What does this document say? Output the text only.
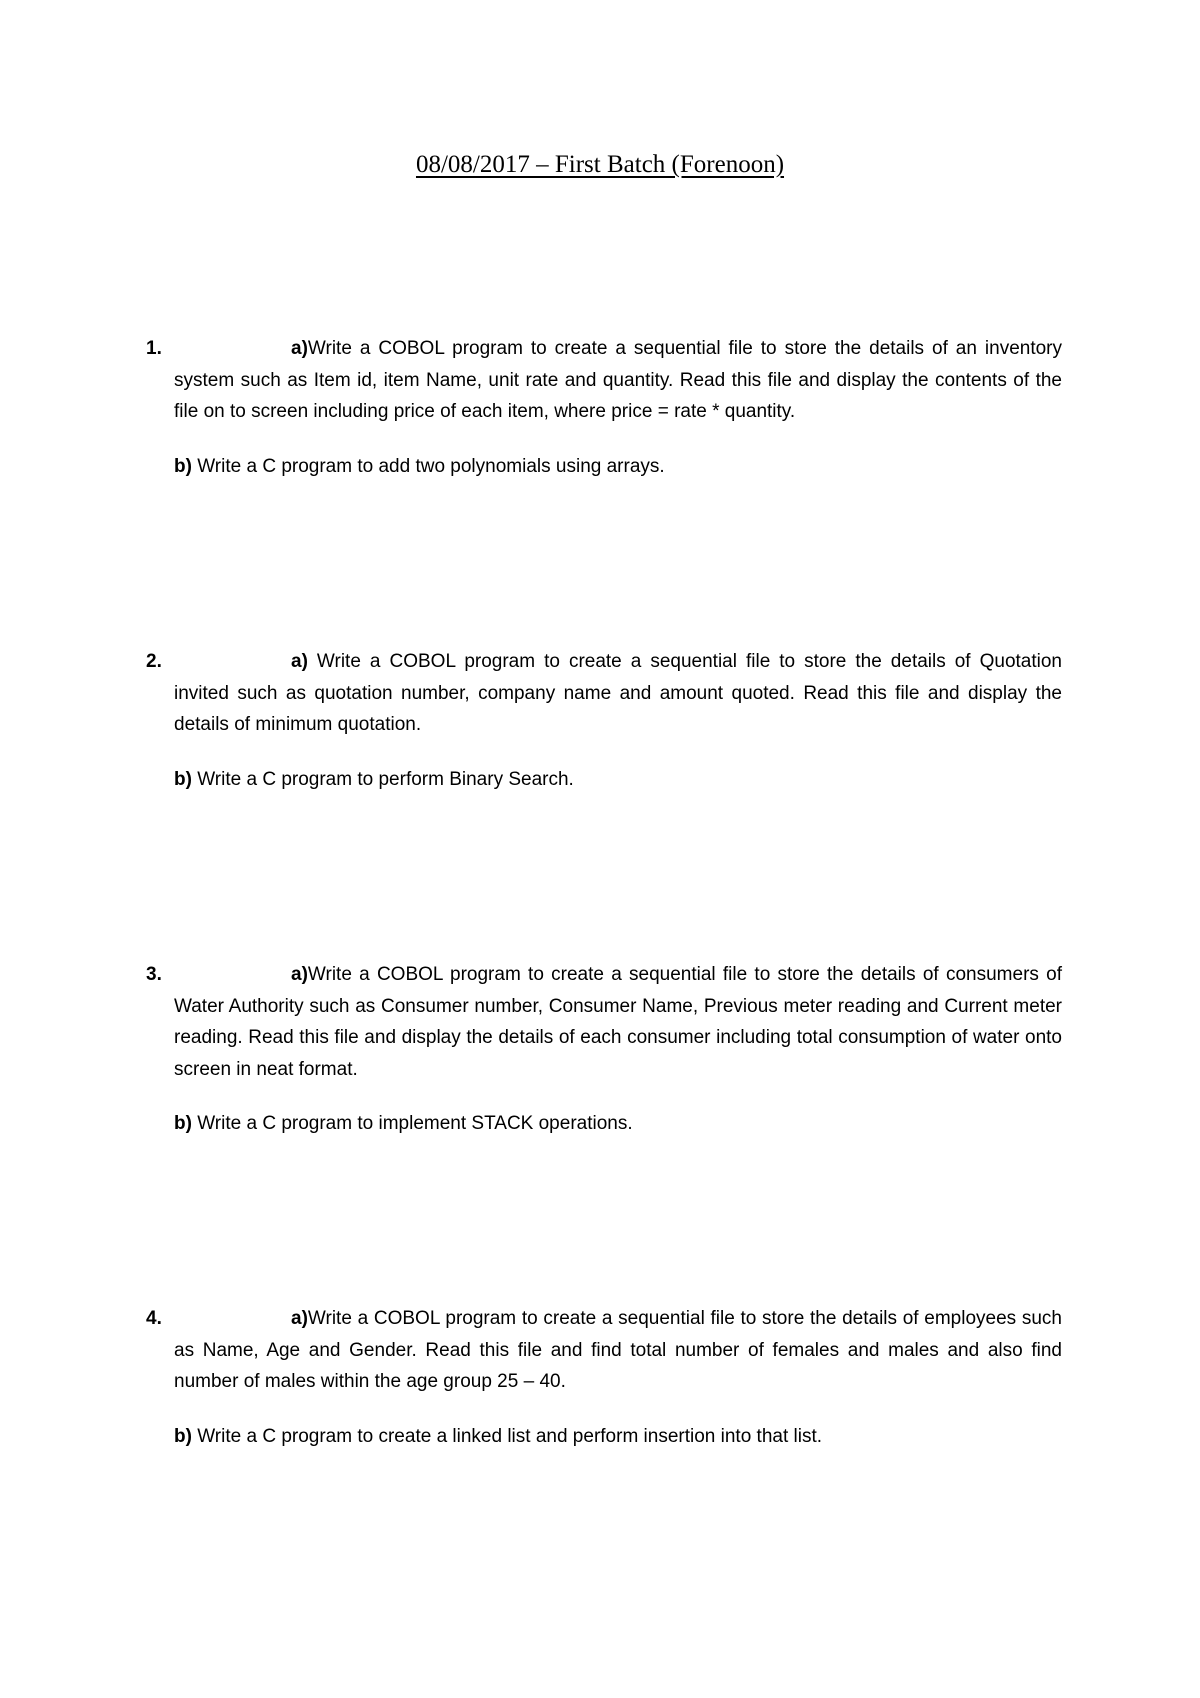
08/08/2017 – First Batch (Forenoon)
1.	a)Write a COBOL program to create a sequential file to store the details of an inventory system such as Item id, item Name, unit rate and quantity. Read this file and display the contents of the file on to screen including price of each item, where price = rate * quantity.

b) Write a C program to add two polynomials using arrays.

2.	a) Write a COBOL program to create a sequential file to store the details of Quotation invited such as quotation number, company name and amount quoted. Read this file and display the details of minimum quotation.

b) Write a C program to perform Binary Search.

3.	a)Write a COBOL program to create a sequential file to store the details of consumers of Water Authority such as Consumer number, Consumer Name, Previous meter reading and Current meter reading. Read this file and display the details of each consumer including total consumption of water onto screen in neat format.

b) Write a C program to implement STACK operations.

4.	a)Write a COBOL program to create a sequential file to store the details of employees such as Name, Age and Gender. Read this file and find total number of females and males and also find number of males within the age group 25 – 40.

b) Write a C program to create a linked list and perform insertion into that list.
